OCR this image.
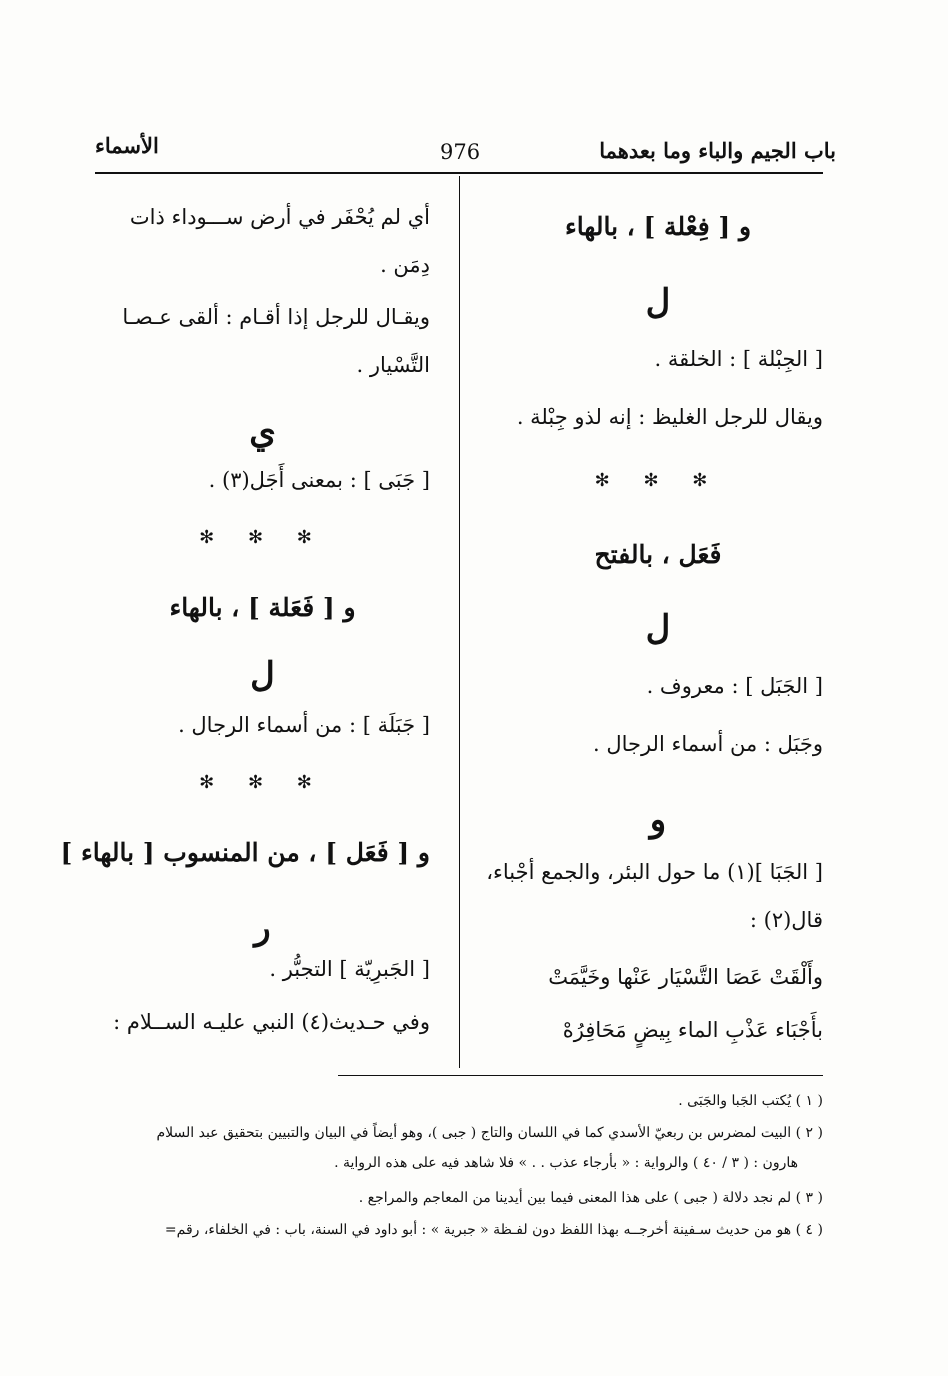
باب الجيم والباء وما بعدهما
976
الأسماء
و [ فِعْلة ] ، بالهاء
ل
[ الجِبْلة ] : الخلقة .
ويقال للرجل الغليظ : إنه لذو جِبْلة .
✻ ✻ ✻
فَعَل ، بالفتح
ل
[ الجَبَل ] : معروف .
وجَبَل : من أسماء الرجال .
و
[ الجَبَا ](١) ما حول البئر، والجمع أجْباء،
قال(٢) :
وأَلْقَتْ عَصَا التَّسْيَار عَنْها وخَيَّمَتْ
بأَجْبَاء عَذْبِ الماء بِيضٍ مَحَافِرُهْ
أي لم يُحْفَر في أرض ســـوداء ذات
دِمَن .
ويقـال للرجل إذا أقـام : ألقى عـصـا
التَّسْيار .
ي
[ جَبَى ] : بمعنى أَجَل(٣) .
✻ ✻ ✻
و [ فَعَلة ] ، بالهاء
ل
[ جَبَلَة ] : من أسماء الرجال .
✻ ✻ ✻
و [ فَعَل ] ، من المنسوب [ بالهاء ]
ر
[ الجَبرِيّة ] التجبُّر .
وفي حـديث(٤) النبي عليـه الســلام :
( ١ ) يُكتب الجَبا والجَبَى .
( ٢ ) البيت لمضرس بن ربعيّ الأسدي كما في اللسان والتاج ( جبى )، وهو أيضاً في البيان والتبيين بتحقيق عبد السلام
هارون : ( ٣ / ٤٠ ) والرواية : « بأرجاء عذب . . » فلا شاهد فيه على هذه الرواية .
( ٣ ) لم نجد دلالة ( جبى ) على هذا المعنى فيما بين أيدينا من المعاجم والمراجع .
( ٤ ) هو من حديث سـفينة أخرجــه بهذا اللفظ دون لفـظة « جبرية » : أبو داود في السنة، باب : في الخلفاء، رقم=
